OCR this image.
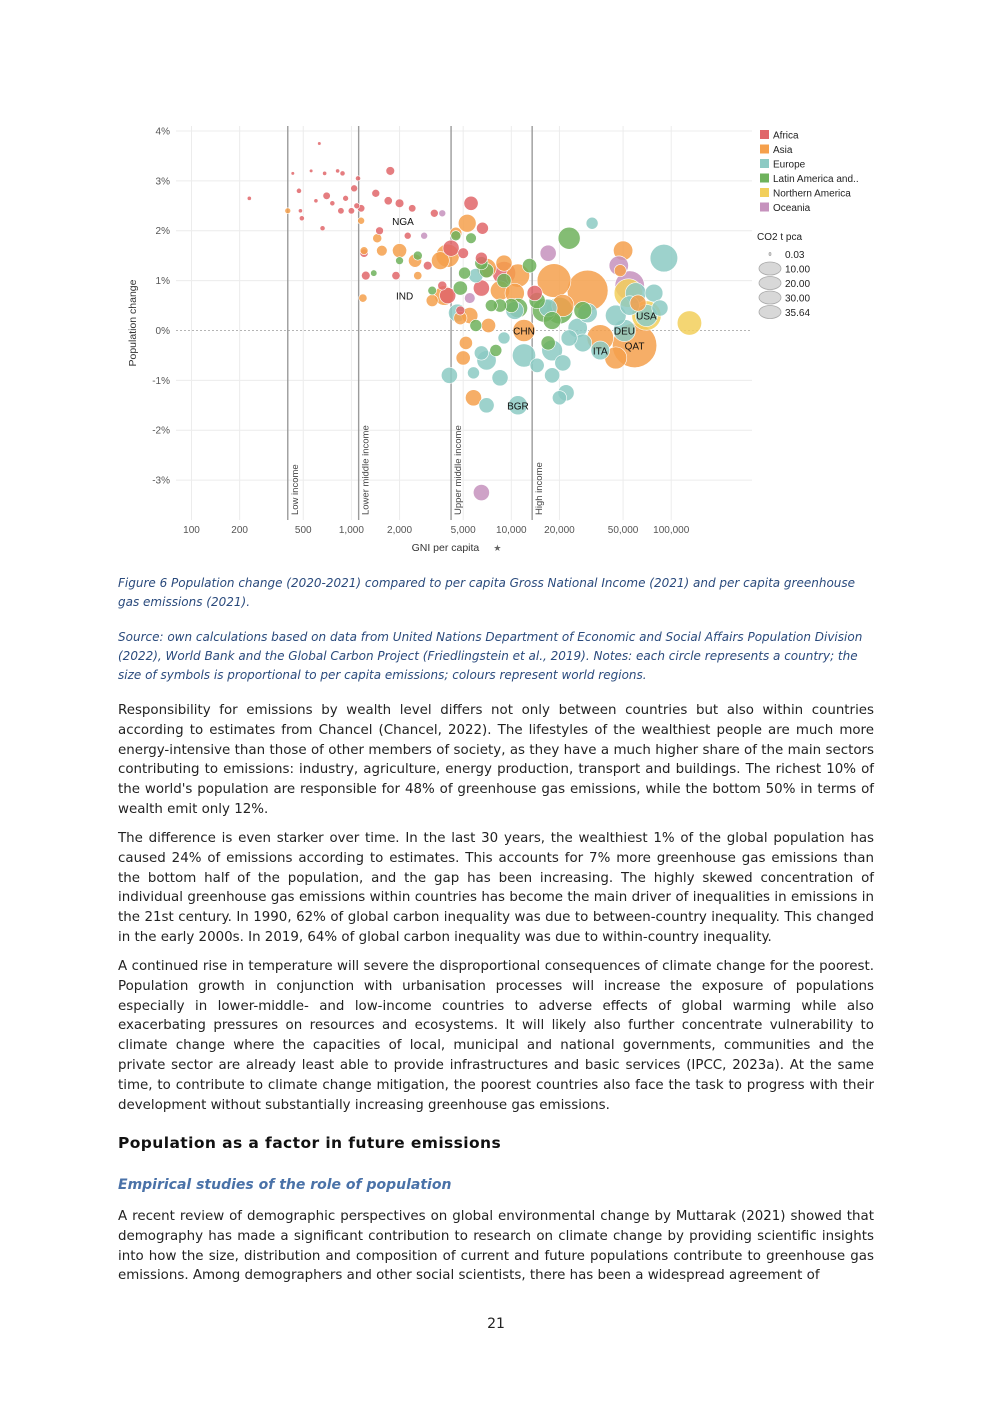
Low income	Lower middle income	Upper middle income	High income
NGA
IND
CHN
BGR
USA
DEU
ITA QAT
100	200	500	1,000 2,000	5,000 10,000 20,000	50,000 100,000
4%
3%
2%
1%
0%
-1%
-2%
-3%
GNI per capita ★
Population change
Africa
Asia
Europe
Latin America and..
Northern America
Oceania
CO2 t pca
0.03
10.00
20.00
30.00
35.64

Figure 6 Population change (2020-2021) compared to per capita Gross National Income (2021) and per capita greenhouse gas emissions (2021).

Source: own calculations based on data from United Nations Department of Economic and Social Affairs Population Division (2022), World Bank and the Global Carbon Project (Friedlingstein et al., 2019). Notes: each circle represents a country; the size of symbols is proportional to per capita emissions; colours represent world regions.

Responsibility for emissions by wealth level differs not only between countries but also within countries according to estimates from Chancel (Chancel, 2022). The lifestyles of the wealthiest people are much more energy-intensive than those of other members of society, as they have a much higher share of the main sectors contributing to emissions: industry, agriculture, energy production, transport and buildings. The richest 10% of the world's population are responsible for 48% of greenhouse gas emissions, while the bottom 50% in terms of wealth emit only 12%.

The difference is even starker over time. In the last 30 years, the wealthiest 1% of the global population has caused 24% of emissions according to estimates. This accounts for 7% more greenhouse gas emissions than the bottom half of the population, and the gap has been increasing. The highly skewed concentration of individual greenhouse gas emissions within countries has become the main driver of inequalities in emissions in the 21st century. In 1990, 62% of global carbon inequality was due to between-country inequality. This changed in the early 2000s. In 2019, 64% of global carbon inequality was due to within-country inequality.

A continued rise in temperature will severe the disproportional consequences of climate change for the poorest. Population growth in conjunction with urbanisation processes will increase the exposure of populations especially in lower-middle- and low-income countries to adverse effects of global warming while also exacerbating pressures on resources and ecosystems. It will likely also further concentrate vulnerability to climate change where the capacities of local, municipal and national governments, communities and the private sector are already least able to provide infrastructures and basic services (IPCC, 2023a). At the same time, to contribute to climate change mitigation, the poorest countries also face the task to progress with their development without substantially increasing greenhouse gas emissions.

Population as a factor in future emissions
Empirical studies of the role of population

A recent review of demographic perspectives on global environmental change by Muttarak (2021) showed that demography has made a significant contribution to research on climate change by providing scientific insights into how the size, distribution and composition of current and future populations contribute to greenhouse gas emissions. Among demographers and other social scientists, there has been a widespread agreement of

21
